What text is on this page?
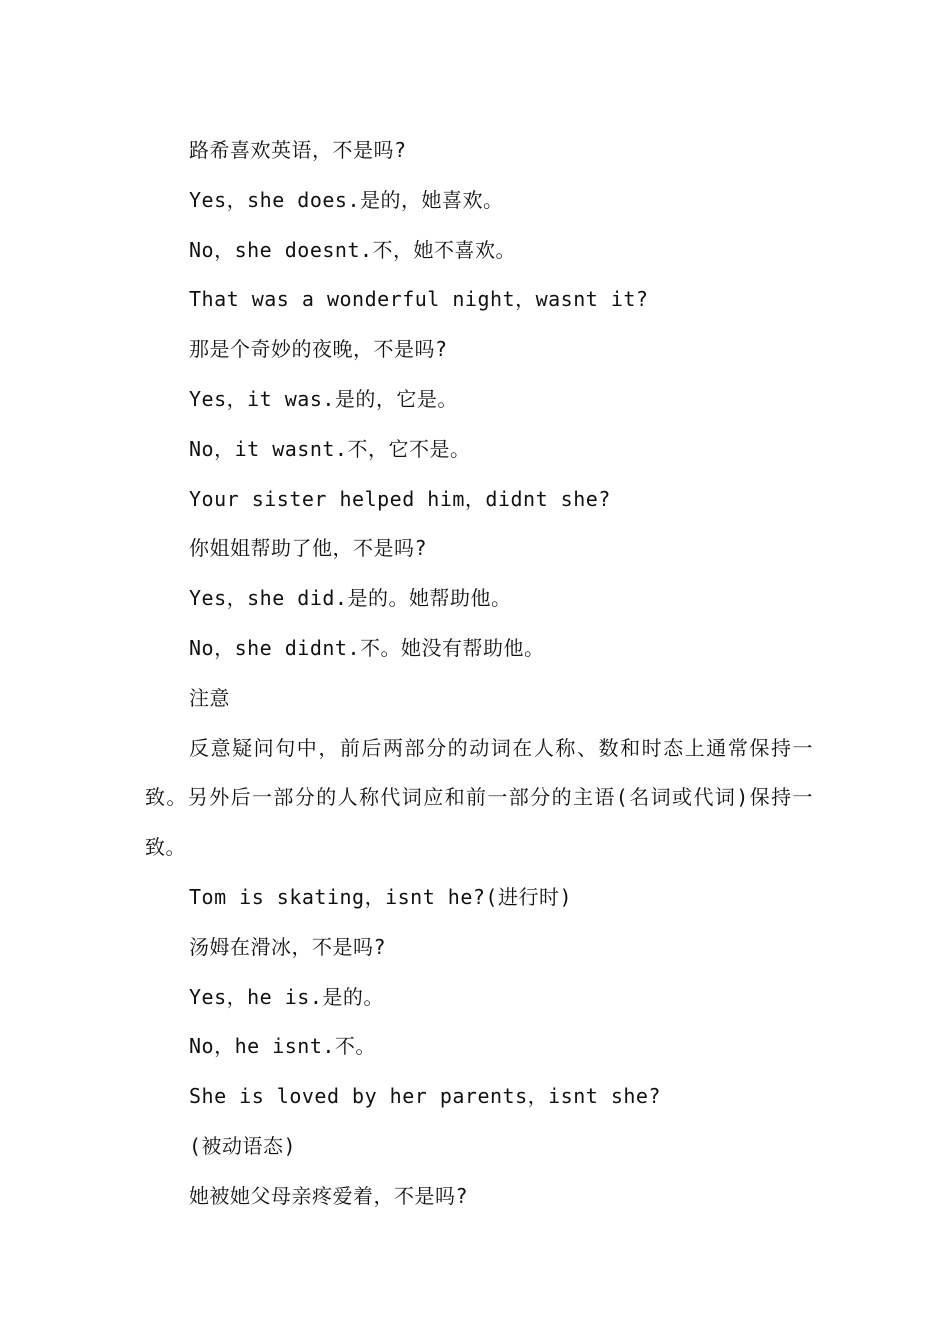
路希喜欢英语，不是吗?

Yes，she does.是的，她喜欢。

No，she doesnt.不，她不喜欢。

That was a wonderful night，wasnt it?

那是个奇妙的夜晚，不是吗?

Yes，it was.是的，它是。

No，it wasnt.不，它不是。

Your sister helped him，didnt she?

你姐姐帮助了他，不是吗?

Yes，she did.是的。她帮助他。

No，she didnt.不。她没有帮助他。

注意

反意疑问句中，前后两部分的动词在人称、数和时态上通常保持一致。另外后一部分的人称代词应和前一部分的主语(名词或代词)保持一致。

Tom is skating，isnt he?(进行时)

汤姆在滑冰，不是吗?

Yes，he is.是的。

No，he isnt.不。

She is loved by her parents，isnt she?

(被动语态)

她被她父母亲疼爱着，不是吗?
